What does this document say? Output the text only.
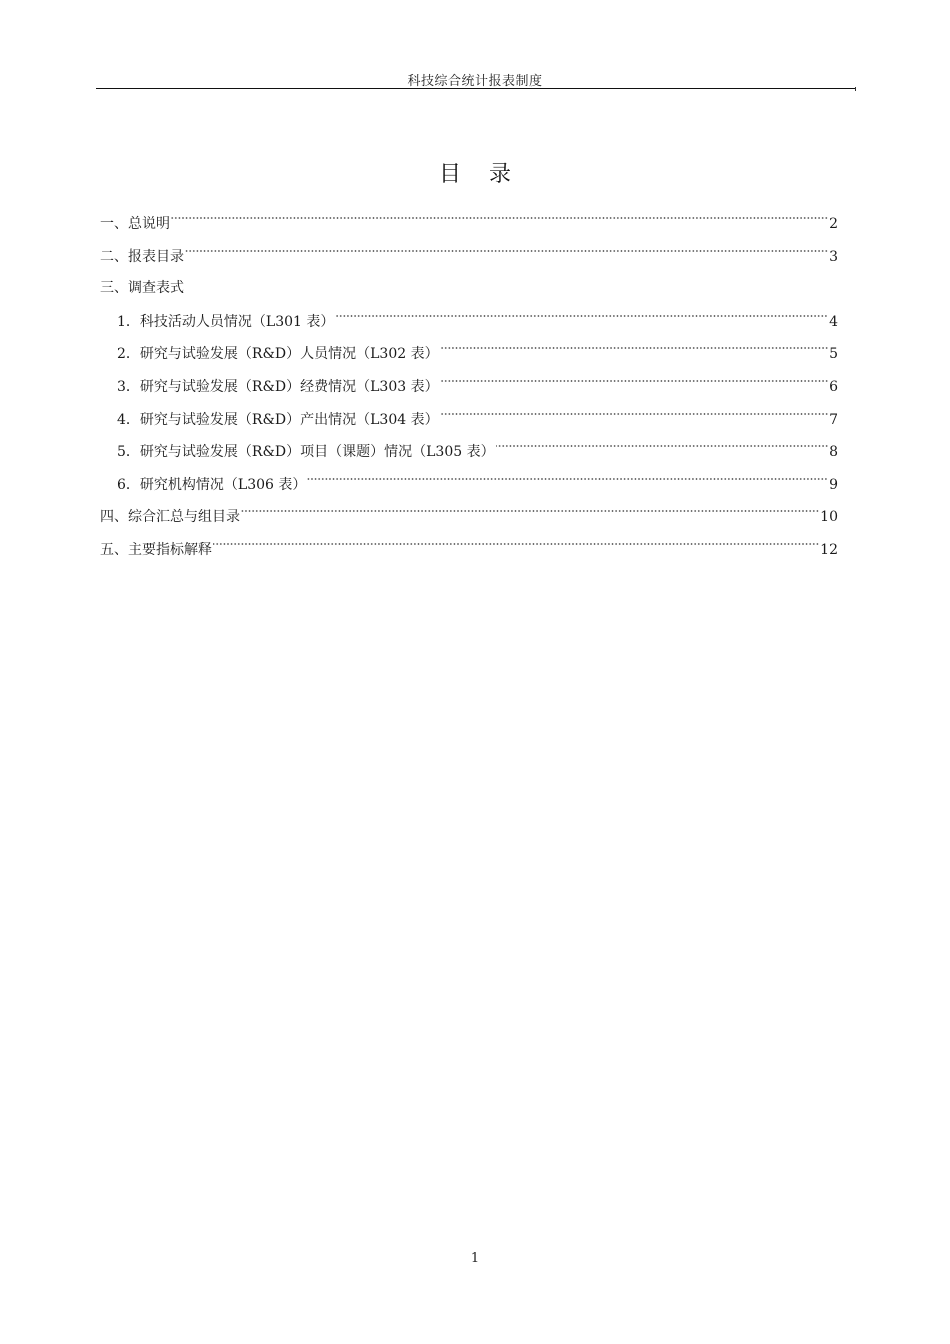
科技综合统计报表制度
目录
一、总说明	2
二、报表目录	3
三、调查表式
1．科技活动人员情况（L301 表）	4
2．研究与试验发展（R&D）人员情况（L302 表）	5
3．研究与试验发展（R&D）经费情况（L303 表）	6
4．研究与试验发展（R&D）产出情况（L304 表）	7
5．研究与试验发展（R&D）项目（课题）情况（L305 表）	8
6．研究机构情况（L306 表）	9
四、综合汇总与组目录	10
五、主要指标解释	12
1
